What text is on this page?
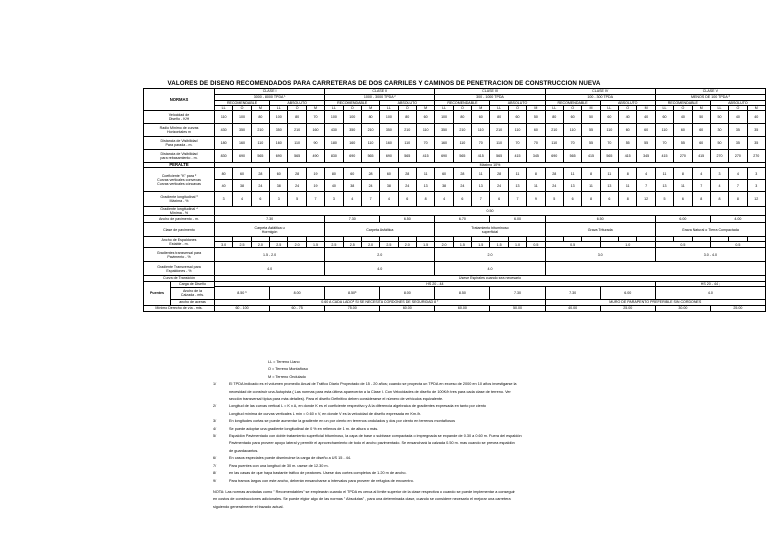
VALORES DE DISENO RECOMENDADOS PARA CARRETERAS DE DOS CARRILES Y CAMINOS DE PENETRACION DE CONSTRUCCION NUEVA
NORMAS	CLASE I						CLASE II						CLASE III						CLASE IV						CLASE V					
	3000 - 8000 TPDA ¹						1000 - 3000 TPDA ²						300 - 1000 TPDA						100 - 300 TPDA						MENOS DE 100 TPDA ³					
	RECOMENDABLE			ABSOLUTO			RECOMENDABLE			ABSOLUTO			RECOMENDABLE			ABSOLUTO			RECOMENDABLE			ABSOLUTO			RECOMENDABLE			ABSOLUTO		
	LL	O	M	LL	O	M	LL	O	M	LL	O	M	LL	O	M	LL	O	M	LL	O	M	LL	O	M	LL	O	M	LL	O	M
Velocidad de
Diseño - K/H	110	100	80	100	80	70	100	100	80	100	80	60	100	80	60	80	60	50	80	60	50	60	40	40	60	40	50	50	40	40
Radio Mínimo de curvas
Horizontales m	430	350	210	350	210	160	430	350	210	350	210	110	350	210	110	210	110	60	210	110	55	110	60	60	110	60	60	30	35	35
Distancia de Visibilidad
Para parada - m.	180	160	110	160	110	90	180	160	110	160	110	70	160	110	70	110	70	70	110	70	55	70	55	55	70	55	60	50	35	35
Distancia de Visibilidad
para rebasamiento - m.	830	690	565	690	565	490	830	690	565	690	565	415	690	565	415	565	415	345	690	565	415	565	415	345	415	270	415	270	270	270
PERALTE	Máximo 10%																													
Coeficiente "K" para ²
Curvas verticales convexas
Curvas verticales cóncavas	80	60	28	60	28	19	80	60	28	60	28	11	60	28	11	28	11	8	28	11	8	11	8	4	11	8	4	3	4	3
	40	38	24	38	24	19	40	38	24	38	24	13	38	24	13	24	13	11	24	13	11	13	11	7	13	11	7	4	7	3
Gradiente longitudinal ³
Máxima - %	3	4	6	3	5	7	3	4	7	4	6	8	4	6	7	6	7	9	5	6	8	6	8	12	5	6	8	8	8	12
Gradiente longitudinal ⁴
Mínima - %	0.50																													
Ancho de pavimento - m.	7.30						7.30			6.50			6.70			6.00			6.50						6.00			4.00		
Clase de pavimento	Carpeta Asfáltica u
Hormigón						Carpeta Asfáltica						Tratamiento bituminoso
superficial						Grava Triturada						Grava Natural o Tierra Compactada					
Ancho de Espaldones
Estable - m.																														
	3.0	2.5	2.0	2.5	2.0	1.5	2.5	2.5	2.0	2.5	2.0	1.5	2.0	1.5	1.5	1.5	1.0	0.5	0.5			1.0			0.5			0.5		
Gradientes transversal para
Pavimento - %	1.5 - 2.0						2.0						2.0						3.0						3.0 - 4.0					
Gradiente Transversal para
Espaldones - %	4.0						4.0						4.0																	
Curva de Transición	Usese Espirales cuando sea necesario																													

Puentes
Carga de Diseño
Ancho de la
Calzada - mts.
ancho de aceras	HS 20 - 44																								HS 20 - 44 ;					
	8.50 ⁶			8.00			8.50⁶			8.00			8.50			7.30			7.30			6.00			4.0					
	0.60 A CADA LADO⁶ SI SE NECESITA CORDONES DE SEGURIDAD 8 ⁷																		MURO DE PARAPENTO PREFERIBLE SIN CORDONES											
Mínimo Derecho de vía - mts.	60 - 100			60 - 75			75.00			60.00			60.00			50.00			40.00			25.00			30.00			25.00		
LL = Terreno Llano
O = Terreno Montañoso
M = Terreno Ondulado
1/	El TPDA indicado es el volumen promedio Anual de Tráfico Diario Proyectado de 15 - 20 años; cuando se proyecta un TPDA en exceso de 2000 en 10 años investigarse la
necesidad de construir una Autopista ( Las normas para esta última aparecerán a la Clase I. Con Velocidades de diseño de 100K/h tres para cada clase de terreno. Ver
sección transversal típica para más detalles). Para el diseño Definitivo deben considerarse el número de vehículos equivalente.
2/	Longitud de las curvas vertical L = K x A, en donde K es el coeficiente respectivo y A la diferencia algebraica de gradientes expresada en tanto por ciento
Longitud mínima de curvas verticales L mín = 0.60 x V, en donde V es la velocidad de diseño expresada en Km./h.
3/	En longitudes cortas se puede aumentar la gradiente en un por ciento en terrenos ondulados y dos por ciento en terrenos montañosos
4/	Se puede adoptar una gradiente longitudinal de 0 % en rellenos de 1 m. de altura o más.
5/	Espaldón Pavimentado con doble tratamiento superficial bituminoso, la capa de base o subbase compactada o impregnada se expande de 0.30 a 0.60 m. Fuera del espaldón
Pavimentado para proveer apoyo lateral y permitir el aprovechamiento de todo el ancho pavimentado. Se ensanchará la calzada 0.50 m. mas cuando se prevea espaldón
de guardacantos.
6/	En casos especiales puede disminuirse la carga de diseño a US 15 - 44.
7/	Para puentes con una longitud de 30 m. usese de 12.30 m.
8/	en las casas de que haya bastante tráfico de peatones. Usese dos cortes completos de 1.20 m de ancho.
9/	Para tramos largos con este ancho, deberán ensancharse a intervalos para proveer de refugios de encuentro.
NOTA: Las normas anotadas como " Recomendables" se emplearán cuando el TPDA es cerca al límite superior de la clase respectiva o cuando se puede implementar a conseguir
en costos de construcciones adicionales. Se puede elgior algo de las normas " Absolutas" , para una determinada clase, cuando se considere necesario el mejorar una carretera
siguiendo generalmente el trazado actual.
